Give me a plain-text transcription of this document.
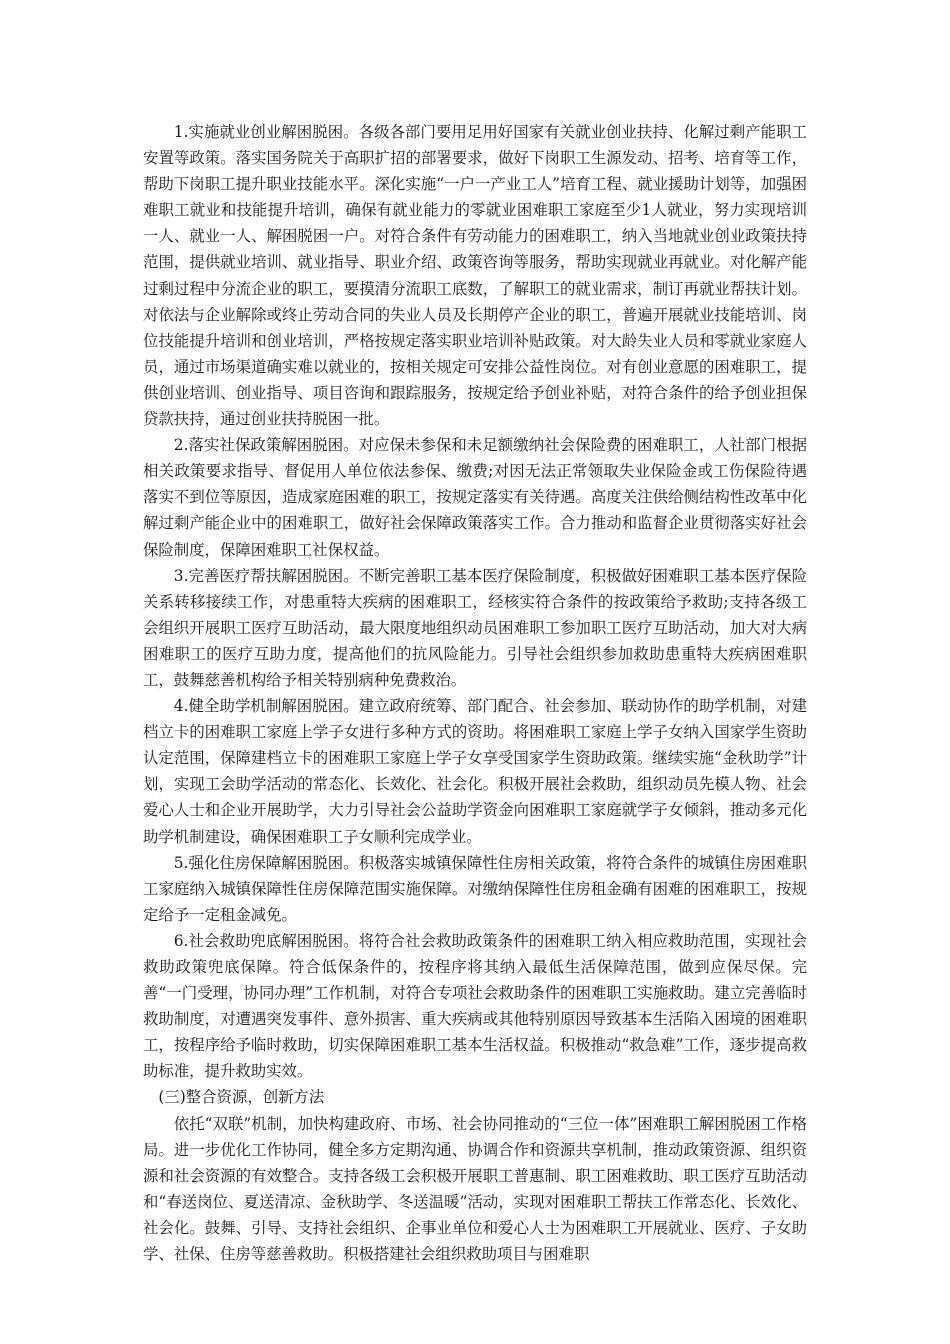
1.实施就业创业解困脱困。各级各部门要用足用好国家有关就业创业扶持、化解过剩产能职工安置等政策。落实国务院关于高职扩招的部署要求，做好下岗职工生源发动、招考、培育等工作，帮助下岗职工提升职业技能水平。深化实施“一户一产业工人”培育工程、就业援助计划等，加强困难职工就业和技能提升培训，确保有就业能力的零就业困难职工家庭至少1人就业，努力实现培训一人、就业一人、解困脱困一户。对符合条件有劳动能力的困难职工，纳入当地就业创业政策扶持范围，提供就业培训、就业指导、职业介绍、政策咨询等服务，帮助实现就业再就业。对化解产能过剩过程中分流企业的职工，要摸清分流职工底数，了解职工的就业需求，制订再就业帮扶计划。对依法与企业解除或终止劳动合同的失业人员及长期停产企业的职工，普遍开展就业技能培训、岗位技能提升培训和创业培训，严格按规定落实职业培训补贴政策。对大龄失业人员和零就业家庭人员，通过市场渠道确实难以就业的，按相关规定可安排公益性岗位。对有创业意愿的困难职工，提供创业培训、创业指导、项目咨询和跟踪服务，按规定给予创业补贴，对符合条件的给予创业担保贷款扶持，通过创业扶持脱困一批。

2.落实社保政策解困脱困。对应保未参保和未足额缴纳社会保险费的困难职工，人社部门根据相关政策要求指导、督促用人单位依法参保、缴费;对因无法正常领取失业保险金或工伤保险待遇落实不到位等原因，造成家庭困难的职工，按规定落实有关待遇。高度关注供给侧结构性改革中化解过剩产能企业中的困难职工，做好社会保障政策落实工作。合力推动和监督企业贯彻落实好社会保险制度，保障困难职工社保权益。

3.完善医疗帮扶解困脱困。不断完善职工基本医疗保险制度，积极做好困难职工基本医疗保险关系转移接续工作，对患重特大疾病的困难职工，经核实符合条件的按政策给予救助;支持各级工会组织开展职工医疗互助活动，最大限度地组织动员困难职工参加职工医疗互助活动，加大对大病困难职工的医疗互助力度，提高他们的抗风险能力。引导社会组织参加救助患重特大疾病困难职工，鼓舞慈善机构给予相关特别病种免费救治。

4.健全助学机制解困脱困。建立政府统筹、部门配合、社会参加、联动协作的助学机制，对建档立卡的困难职工家庭上学子女进行多种方式的资助。将困难职工家庭上学子女纳入国家学生资助认定范围，保障建档立卡的困难职工家庭上学子女享受国家学生资助政策。继续实施“金秋助学”计划，实现工会助学活动的常态化、长效化、社会化。积极开展社会救助，组织动员先模人物、社会爱心人士和企业开展助学，大力引导社会公益助学资金向困难职工家庭就学子女倾斜，推动多元化助学机制建设，确保困难职工子女顺利完成学业。

5.强化住房保障解困脱困。积极落实城镇保障性住房相关政策，将符合条件的城镇住房困难职工家庭纳入城镇保障性住房保障范围实施保障。对缴纳保障性住房租金确有困难的困难职工，按规定给予一定租金减免。

6.社会救助兜底解困脱困。将符合社会救助政策条件的困难职工纳入相应救助范围，实现社会救助政策兜底保障。符合低保条件的，按程序将其纳入最低生活保障范围，做到应保尽保。完善“一门受理，协同办理”工作机制，对符合专项社会救助条件的困难职工实施救助。建立完善临时救助制度，对遭遇突发事件、意外损害、重大疾病或其他特别原因导致基本生活陷入困境的困难职工，按程序给予临时救助，切实保障困难职工基本生活权益。积极推动“救急难”工作，逐步提高救助标准，提升救助实效。

(三)整合资源，创新方法

依托“双联”机制，加快构建政府、市场、社会协同推动的“三位一体”困难职工解困脱困工作格局。进一步优化工作协同，健全多方定期沟通、协调合作和资源共享机制，推动政策资源、组织资源和社会资源的有效整合。支持各级工会积极开展职工普惠制、职工困难救助、职工医疗互助活动和“春送岗位、夏送清凉、金秋助学、冬送温暖”活动，实现对困难职工帮扶工作常态化、长效化、社会化。鼓舞、引导、支持社会组织、企事业单位和爱心人士为困难职工开展就业、医疗、子女助学、社保、住房等慈善救助。积极搭建社会组织救助项目与困难职
